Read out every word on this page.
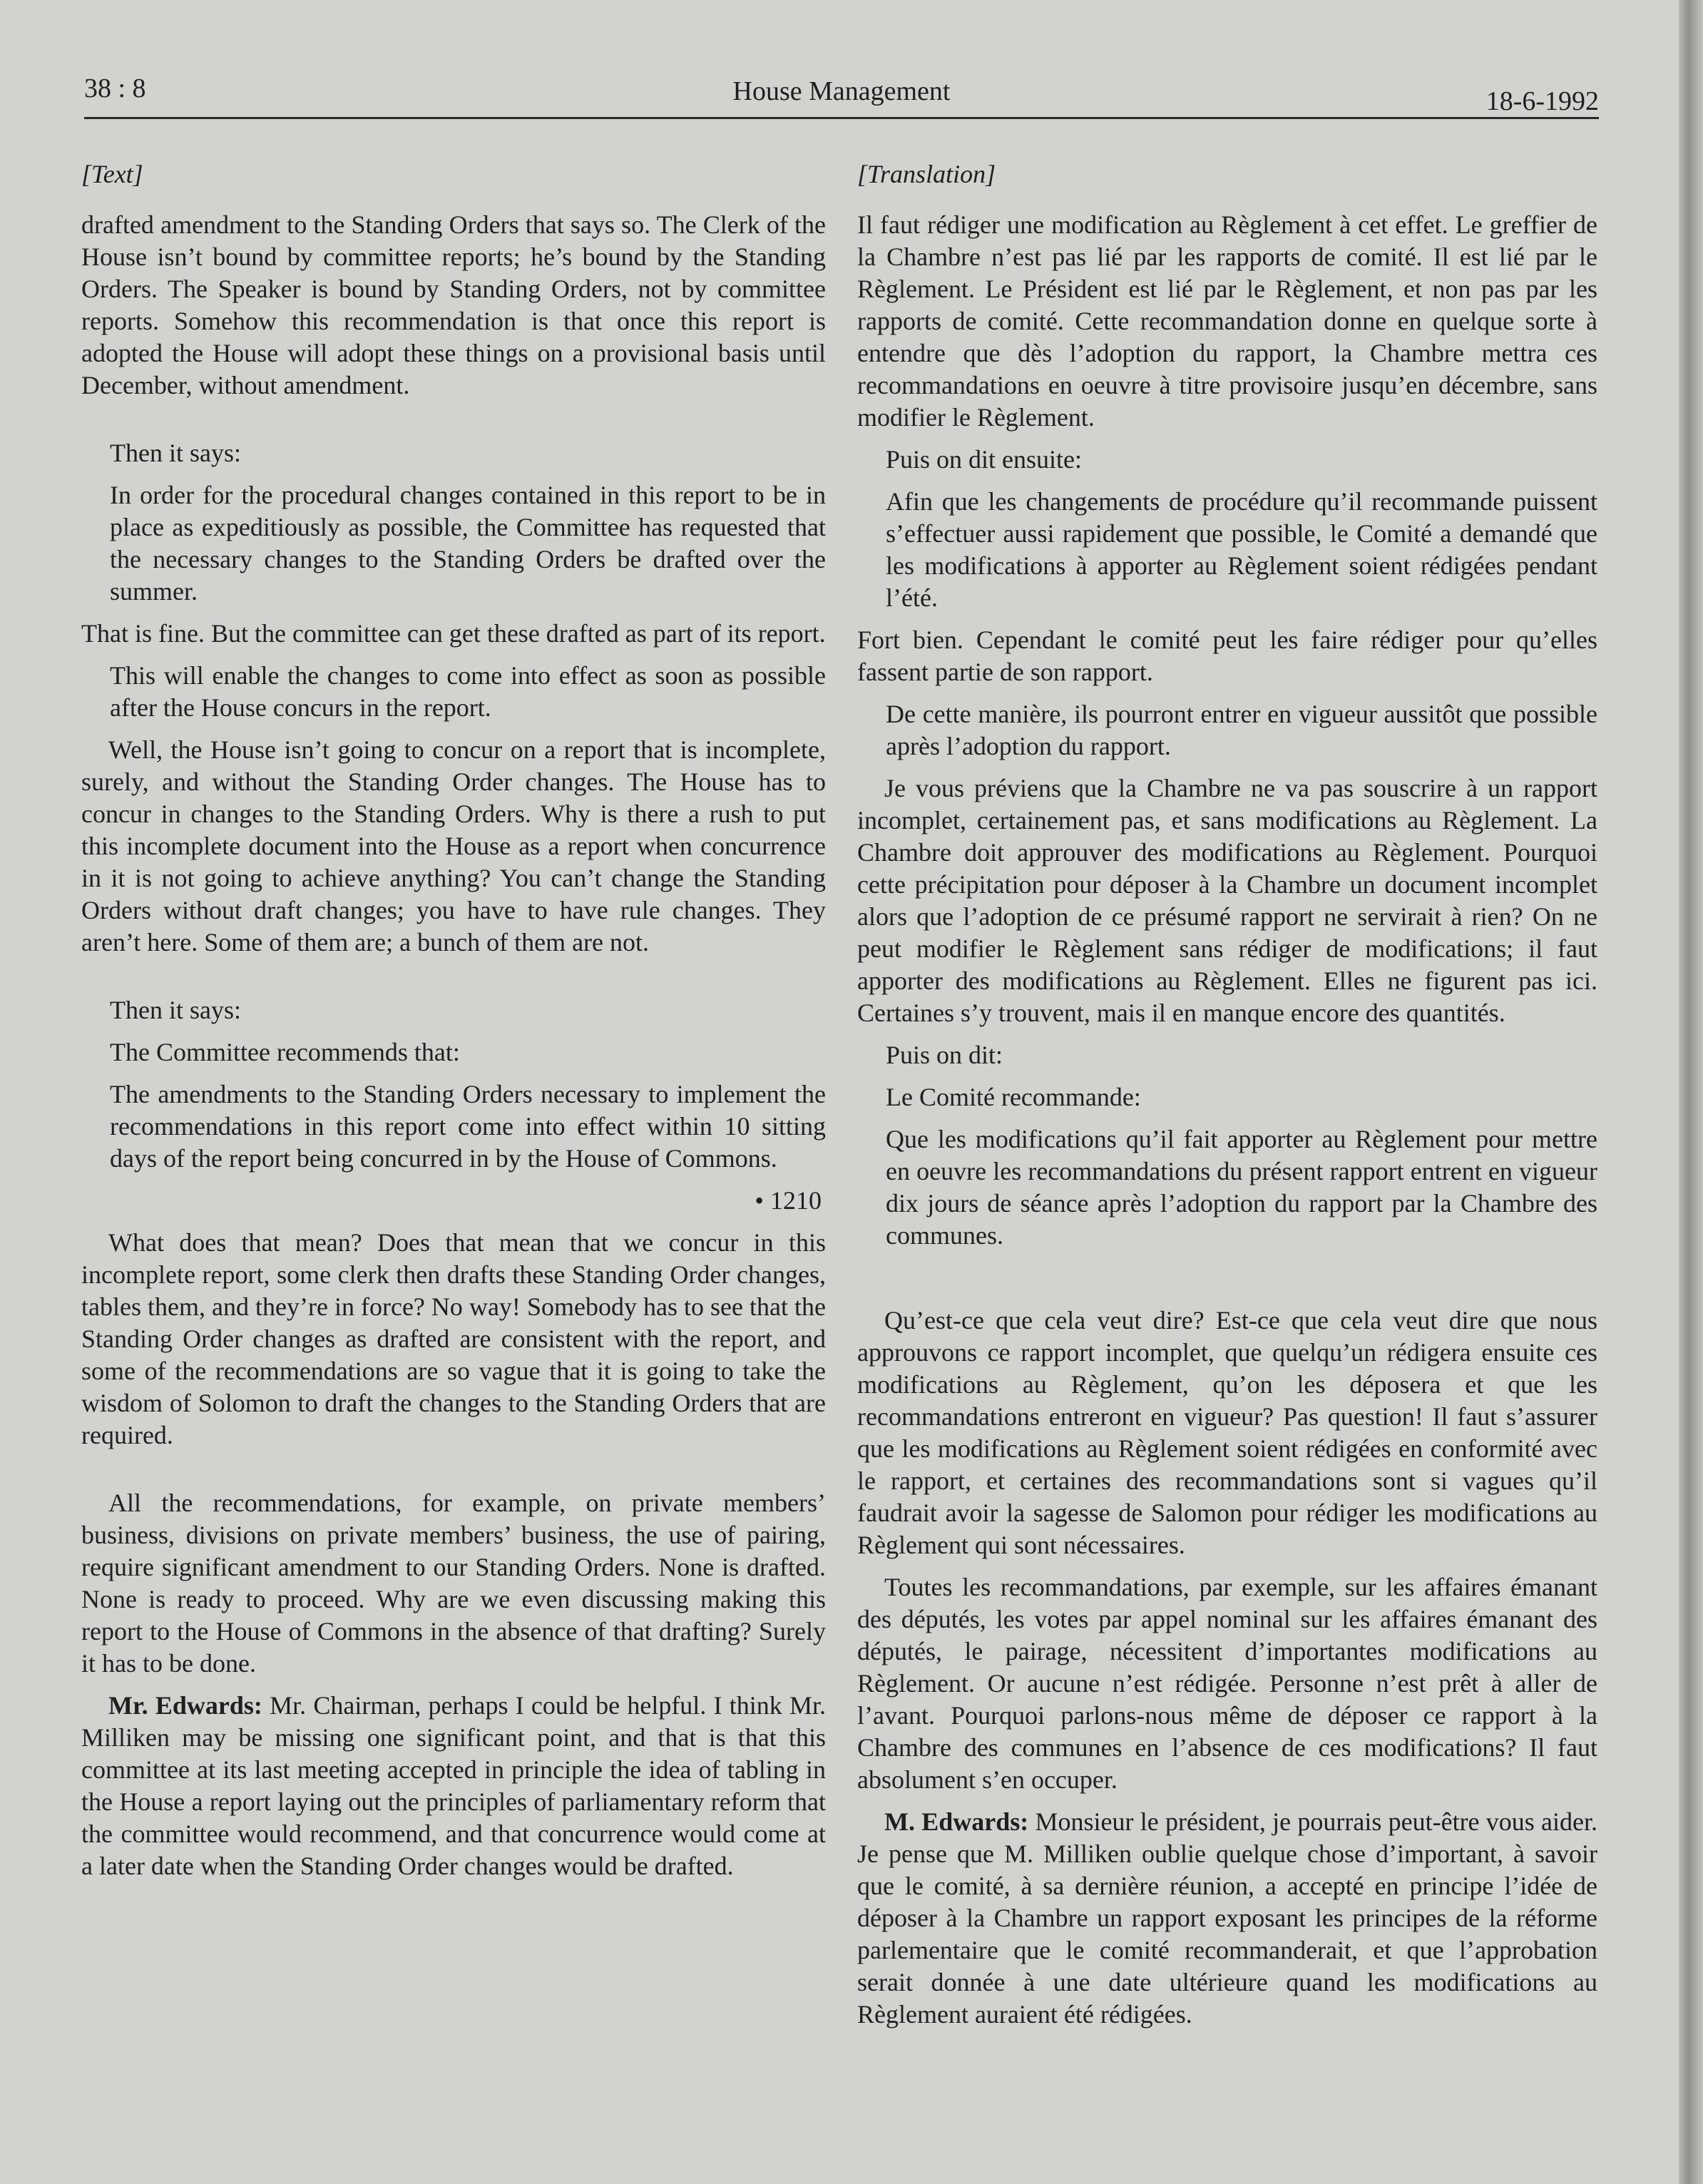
38 : 8	House Management	18-6-1992

[Text]

drafted amendment to the Standing Orders that says so. The Clerk of the House isn’t bound by committee reports; he’s bound by the Standing Orders. The Speaker is bound by Standing Orders, not by committee reports. Somehow this recommendation is that once this report is adopted the House will adopt these things on a provisional basis until December, without amendment.

Then it says:

In order for the procedural changes contained in this report to be in place as expeditiously as possible, the Committee has requested that the necessary changes to the Standing Orders be drafted over the summer.

That is fine. But the committee can get these drafted as part of its report.

This will enable the changes to come into effect as soon as possible after the House concurs in the report.

Well, the House isn’t going to concur on a report that is incomplete, surely, and without the Standing Order changes. The House has to concur in changes to the Standing Orders. Why is there a rush to put this incomplete document into the House as a report when concurrence in it is not going to achieve anything? You can’t change the Standing Orders without draft changes; you have to have rule changes. They aren’t here. Some of them are; a bunch of them are not.

Then it says:

The Committee recommends that:

The amendments to the Standing Orders necessary to implement the recommendations in this report come into effect within 10 sitting days of the report being concurred in by the House of Commons.

• 1210

What does that mean? Does that mean that we concur in this incomplete report, some clerk then drafts these Standing Order changes, tables them, and they’re in force? No way! Somebody has to see that the Standing Order changes as drafted are consistent with the report, and some of the recommendations are so vague that it is going to take the wisdom of Solomon to draft the changes to the Standing Orders that are required.

All the recommendations, for example, on private members’ business, divisions on private members’ business, the use of pairing, require significant amendment to our Standing Orders. None is drafted. None is ready to proceed. Why are we even discussing making this report to the House of Commons in the absence of that drafting? Surely it has to be done.

Mr. Edwards: Mr. Chairman, perhaps I could be helpful. I think Mr. Milliken may be missing one significant point, and that is that this committee at its last meeting accepted in principle the idea of tabling in the House a report laying out the principles of parliamentary reform that the committee would recommend, and that concurrence would come at a later date when the Standing Order changes would be drafted.

[Translation]

Il faut rédiger une modification au Règlement à cet effet. Le greffier de la Chambre n’est pas lié par les rapports de comité. Il est lié par le Règlement. Le Président est lié par le Règlement, et non pas par les rapports de comité. Cette recommandation donne en quelque sorte à entendre que dès l’adoption du rapport, la Chambre mettra ces recommandations en oeuvre à titre provisoire jusqu’en décembre, sans modifier le Règlement.

Puis on dit ensuite:

Afin que les changements de procédure qu’il recommande puissent s’effectuer aussi rapidement que possible, le Comité a demandé que les modifications à apporter au Règlement soient rédigées pendant l’été.

Fort bien. Cependant le comité peut les faire rédiger pour qu’elles fassent partie de son rapport.

De cette manière, ils pourront entrer en vigueur aussitôt que possible après l’adoption du rapport.

Je vous préviens que la Chambre ne va pas souscrire à un rapport incomplet, certainement pas, et sans modifications au Règlement. La Chambre doit approuver des modifications au Règlement. Pourquoi cette précipitation pour déposer à la Chambre un document incomplet alors que l’adoption de ce présumé rapport ne servirait à rien? On ne peut modifier le Règlement sans rédiger de modifications; il faut apporter des modifications au Règlement. Elles ne figurent pas ici. Certaines s’y trouvent, mais il en manque encore des quantités.

Puis on dit:

Le Comité recommande:

Que les modifications qu’il fait apporter au Règlement pour mettre en oeuvre les recommandations du présent rapport entrent en vigueur dix jours de séance après l’adoption du rapport par la Chambre des communes.

Qu’est-ce que cela veut dire? Est-ce que cela veut dire que nous approuvons ce rapport incomplet, que quelqu’un rédigera ensuite ces modifications au Règlement, qu’on les déposera et que les recommandations entreront en vigueur? Pas question! Il faut s’assurer que les modifications au Règlement soient rédigées en conformité avec le rapport, et certaines des recommandations sont si vagues qu’il faudrait avoir la sagesse de Salomon pour rédiger les modifications au Règlement qui sont nécessaires.

Toutes les recommandations, par exemple, sur les affaires émanant des députés, les votes par appel nominal sur les affaires émanant des députés, le pairage, nécessitent d’importantes modifications au Règlement. Or aucune n’est rédigée. Personne n’est prêt à aller de l’avant. Pourquoi parlons-nous même de déposer ce rapport à la Chambre des communes en l’absence de ces modifications? Il faut absolument s’en occuper.

M. Edwards: Monsieur le président, je pourrais peut-être vous aider. Je pense que M. Milliken oublie quelque chose d’important, à savoir que le comité, à sa dernière réunion, a accepté en principe l’idée de déposer à la Chambre un rapport exposant les principes de la réforme parlementaire que le comité recommanderait, et que l’approbation serait donnée à une date ultérieure quand les modifications au Règlement auraient été rédigées.
